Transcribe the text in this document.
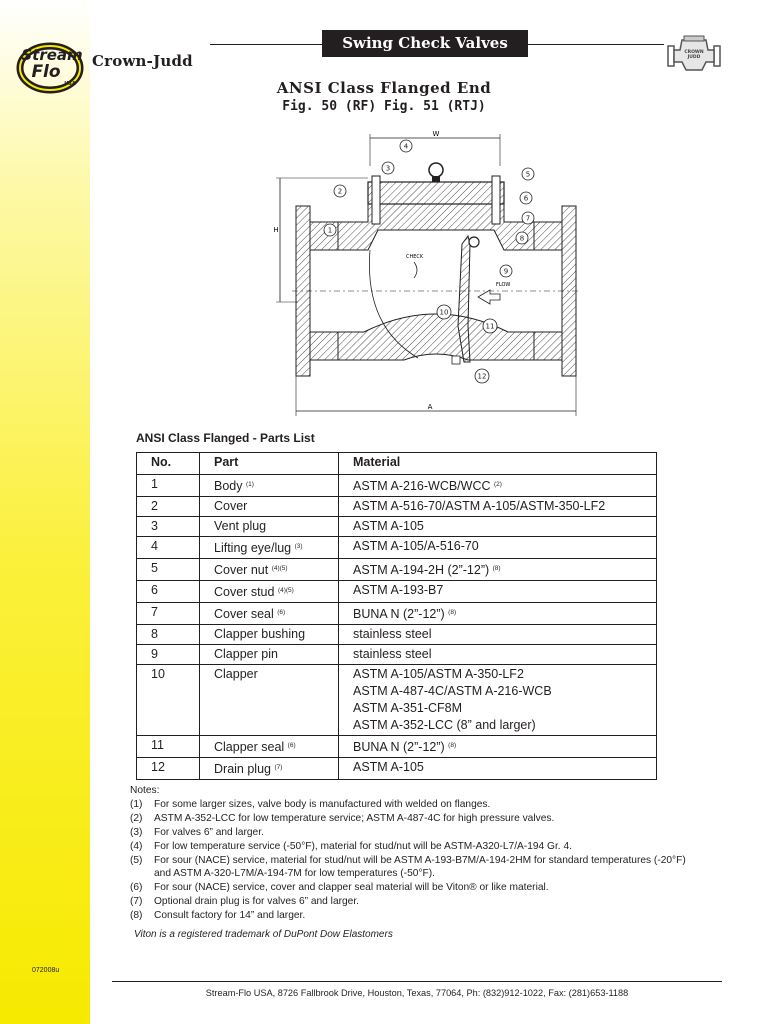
Stream
Flo
USA
Crown-Judd
Swing Check Valves
CROWN
JUDD
ANSI Class Flanged End
Fig. 50 (RF) Fig. 51 (RTJ)
W
H
A
FLOW
CHECK
4
3
2
1
5
6
7
8
9
10
11
12
ANSI Class Flanged - Parts List
No.	Part	Material
1	Body $^{(1)}$	ASTM A-216-WCB/WCC $^{(2)}$

2	Cover	ASTM A-516-70/ASTM A-105/ASTM-350-LF2

3	Vent plug	ASTM A-105

4	Lifting eye/lug $^{(3)}$	ASTM A-105/A-516-70

5	Cover nut $^{(4)(5)}$	ASTM A-194-2H (2”-12”) $^{(8)}$

6	Cover stud $^{(4)(5)}$	ASTM A-193-B7

7	Cover seal $^{(6)}$	BUNA N (2”-12”) $^{(8)}$

8	Clapper bushing	stainless steel

9	Clapper pin	stainless steel

10	Clapper	ASTM A-105/ASTM A-350-LF2
ASTM A-487-4C/ASTM A-216-WCB
ASTM A-351-CF8M
ASTM A-352-LCC (8” and larger)

11	Clapper seal $^{(6)}$	BUNA N (2”-12”) $^{(8)}$

12	Drain plug $^{(7)}$	ASTM A-105
Notes:
(1)	For some larger sizes, valve body is manufactured with welded on flanges.
(2)	ASTM A-352-LCC for low temperature service; ASTM A-487-4C for high pressure valves.
(3)	For valves 6” and larger.
(4)	For low temperature service (-50°F), material for stud/nut will be ASTM-A320-L7/A-194 Gr. 4.
(5)	For sour (NACE) service, material for stud/nut will be ASTM A-193-B7M/A-194-2HM for standard temperatures (-20°F)
and ASTM A-320-L7M/A-194-7M for low temperatures (-50°F).
(6)	For sour (NACE) service, cover and clapper seal material will be Viton® or like material.
(7)	Optional drain plug is for valves 6” and larger.
(8)	Consult factory for 14” and larger.
Viton is a registered trademark of DuPont Dow Elastomers
072008u
Stream-Flo USA, 8726 Fallbrook Drive, Houston, Texas, 77064, Ph: (832)912-1022, Fax: (281)653-1188
